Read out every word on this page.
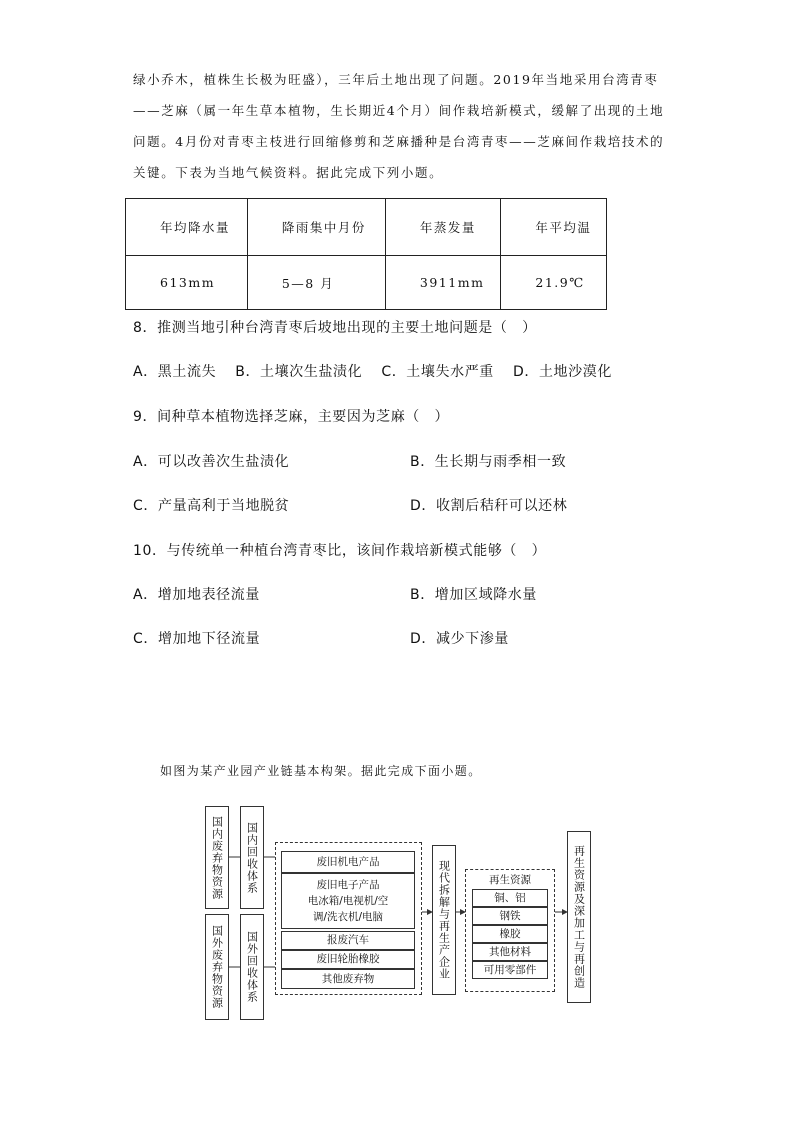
绿小乔木，植株生长极为旺盛），三年后土地出现了问题。2019年当地采用台湾青枣——芝麻（属一年生草本植物，生长期近4个月）间作栽培新模式，缓解了出现的土地问题。4月份对青枣主枝进行回缩修剪和芝麻播种是台湾青枣——芝麻间作栽培技术的关键。下表为当地气候资料。据此完成下列小题。

年均降水量	降雨集中月份	年蒸发量	年平均温
613mm	5—8 月	3911mm	21.9℃

8．推测当地引种台湾青枣后坡地出现的主要土地问题是（　）

A．黑土流失 B．土壤次生盐渍化 C．土壤失水严重 D．土地沙漠化

9．间种草本植物选择芝麻，主要因为芝麻（　）

A．可以改善次生盐渍化	B．生长期与雨季相一致

C．产量高利于当地脱贫	D．收割后秸秆可以还林

10．与传统单一种植台湾青枣比，该间作栽培新模式能够（　）

A．增加地表径流量	B．增加区域降水量

C．增加地下径流量	D．减少下渗量

如图为某产业园产业链基本构架。据此完成下面小题。

国内废弃物资源
国外废弃物资源
国内回收体系
国外回收体系
废旧机电产品
废旧电子产品
电冰箱/电视机/空
调/洗衣机/电脑
报废汽车
废旧轮胎橡胶
其他废弃物	现代拆解与再生产企业	再生资源
铜、铝
钢铁
橡胶
其他材料
可用零部件	再生资源及深加工与再创造
